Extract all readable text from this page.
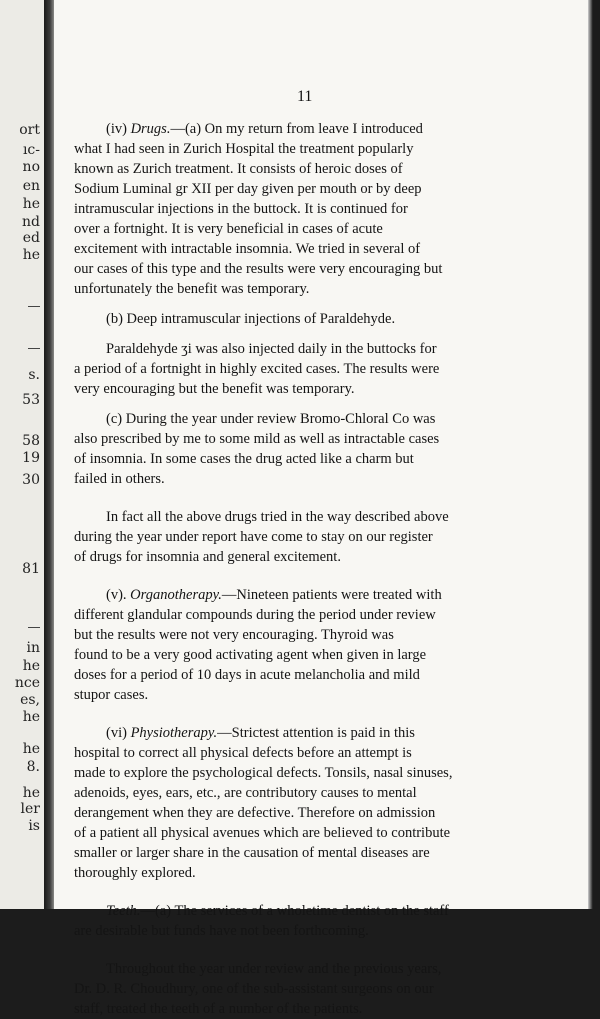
ort
ıc-
no
en
he
nd
ed
he
s.
53
58
19
30
81
in
he
nce
es,
he
he
8.
he
ler
is
11

(iv) Drugs.—(a) On my return from leave I introduced

what I had seen in Zurich Hospital the treatment popularly

known as Zurich treatment. It consists of heroic doses of

Sodium Luminal gr XII per day given per mouth or by deep

intramuscular injections in the buttock. It is continued for

over a fortnight. It is very beneficial in cases of acute

excitement with intractable insomnia. We tried in several of

our cases of this type and the results were very encouraging but

unfortunately the benefit was temporary.

(b) Deep intramuscular injections of Paraldehyde.

Paraldehyde ʒi was also injected daily in the buttocks for

a period of a fortnight in highly excited cases. The results were

very encouraging but the benefit was temporary.

(c) During the year under review Bromo-Chloral Co was

also prescribed by me to some mild as well as intractable cases

of insomnia. In some cases the drug acted like a charm but

failed in others.

In fact all the above drugs tried in the way described above

during the year under report have come to stay on our register

of drugs for insomnia and general excitement.

(v). Organotherapy.—Nineteen patients were treated with

different glandular compounds during the period under review

but the results were not very encouraging. Thyroid was

found to be a very good activating agent when given in large

doses for a period of 10 days in acute melancholia and mild

stupor cases.

(vi) Physiotherapy.—Strictest attention is paid in this

hospital to correct all physical defects before an attempt is

made to explore the psychological defects. Tonsils, nasal sinuses,

adenoids, eyes, ears, etc., are contributory causes to mental

derangement when they are defective. Therefore on admission

of a patient all physical avenues which are believed to contribute

smaller or larger share in the causation of mental diseases are

thoroughly explored.

Teeth.—(a) The services of a wholetime dentist on the staff

are desirable but funds have not been forthcoming.

Throughout the year under review and the previous years,

Dr. D. R. Choudhury, one of the sub-assistant surgeons on our

staff, treated the teeth of a number of the patients.
